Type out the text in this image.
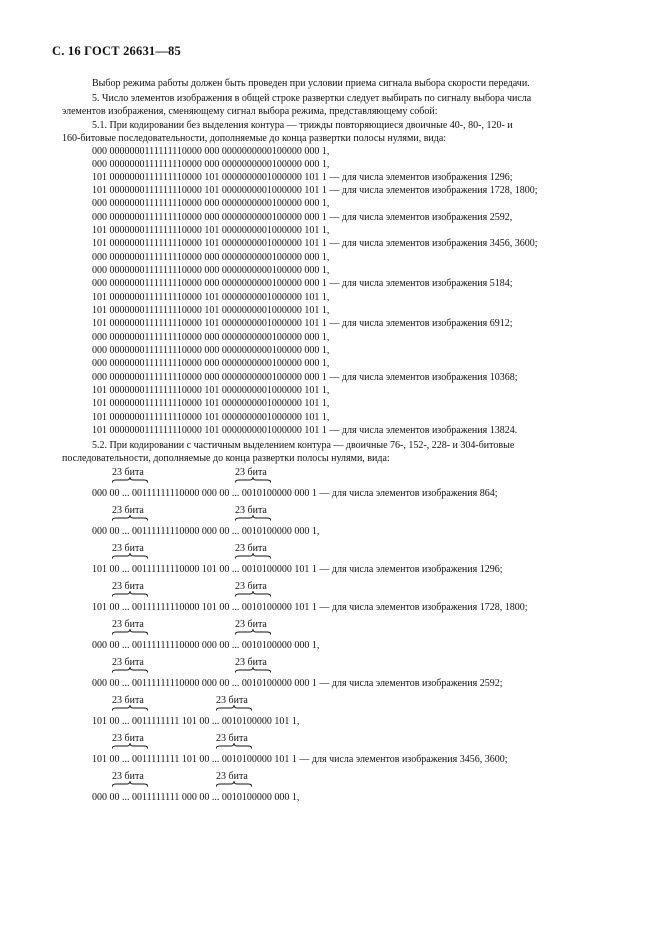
С. 16 ГОСТ 26631—85
Выбор режима работы должен быть проведен при условии приема сигнала выбора скорости передачи.
5. Число элементов изображения в общей строке развертки следует выбирать по сигналу выбора числа
элементов изображения, сменяющему сигнал выбора режима, представляющему собой:
5.1. При кодировании без выделения контура — трижды повторяющиеся двоичные 40-, 80-, 120- и
160-битовые последовательности, дополняемые до конца развертки полосы нулями, вида:
000 0000000111111110000 000 0000000000100000 000 1,
000 0000000111111110000 000 0000000000100000 000 1,
101 0000000111111110000 101 0000000001000000 101 1 — для числа элементов изображения 1296;
101 0000000111111110000 101 0000000001000000 101 1 — для числа элементов изображения 1728, 1800;
000 0000000111111110000 000 0000000000100000 000 1,
000 0000000111111110000 000 0000000000100000 000 1 — для числа элементов изображения 2592,
101 0000000111111110000 101 0000000001000000 101 1,
101 0000000111111110000 101 0000000001000000 101 1 — для числа элементов изображения 3456, 3600;
000 0000000111111110000 000 0000000000100000 000 1,
000 0000000111111110000 000 0000000000100000 000 1,
000 0000000111111110000 000 0000000000100000 000 1 — для числа элементов изображения 5184;
101 0000000111111110000 101 0000000001000000 101 1,
101 0000000111111110000 101 0000000001000000 101 1,
101 0000000111111110000 101 0000000001000000 101 1 — для числа элементов изображения 6912;
000 0000000111111110000 000 0000000000100000 000 1,
000 0000000111111110000 000 0000000000100000 000 1,
000 0000000111111110000 000 0000000000100000 000 1,
000 0000000111111110000 000 0000000000100000 000 1 — для числа элементов изображения 10368;
101 0000000111111110000 101 0000000001000000 101 1,
101 0000000111111110000 101 0000000001000000 101 1,
101 0000000111111110000 101 0000000001000000 101 1,
101 0000000111111110000 101 0000000001000000 101 1 — для числа элементов изображения 13824.
5.2. При кодировании с частичным выделением контура — двоичные 76-, 152-, 228- и 304-битовые
последовательности, дополняемые до конца развертки полосы нулями, вида:
23 бита	23 бита
000 00 ... 00111111110000 000 00 ... 0010100000 000 1 — для числа элементов изображения 864;
23 бита	23 бита
000 00 ... 00111111110000 000 00 ... 0010100000 000 1,
23 бита	23 бита
101 00 ... 00111111110000 101 00 ... 0010100000 101 1 — для числа элементов изображения 1296;
23 бита	23 бита
101 00 ... 00111111110000 101 00 ... 0010100000 101 1 — для числа элементов изображения 1728, 1800;
23 бита	23 бита
000 00 ... 00111111110000 000 00 ... 0010100000 000 1,
23 бита	23 бита
000 00 ... 00111111110000 000 00 ... 0010100000 000 1 — для числа элементов изображения 2592;
23 бита	23 бита
101 00 ... 0011111111 101 00 ... 0010100000 101 1,
23 бита	23 бита
101 00 ... 0011111111 101 00 ... 0010100000 101 1 — для числа элементов изображения 3456, 3600;
23 бита	23 бита
000 00 ... 0011111111 000 00 ... 0010100000 000 1,
